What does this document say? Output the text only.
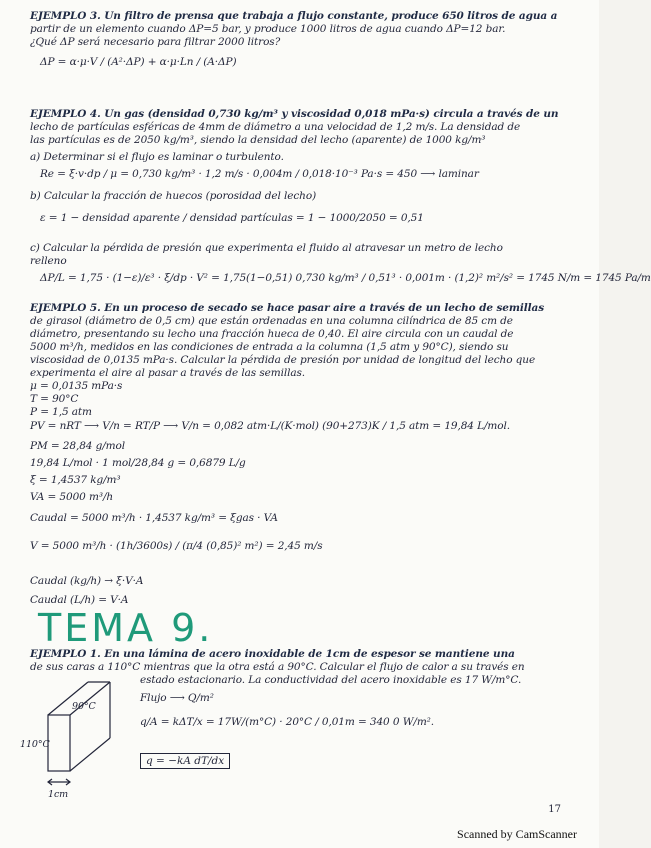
EJEMPLO 3. Un filtro de prensa que trabaja a flujo constante, produce 650 litros de agua a
partir de un elemento cuando ΔP=5 bar, y produce 1000 litros de agua cuando ΔP=12 bar.
¿Qué ΔP será necesario para filtrar 2000 litros?
ΔP = α·μ·V / (A²·ΔP) + α·μ·Ln / (A·ΔP)
EJEMPLO 4. Un gas (densidad 0,730 kg/m³ y viscosidad 0,018 mPa·s) circula a través de un
lecho de partículas esféricas de 4mm de diámetro a una velocidad de 1,2 m/s. La densidad de
las partículas es de 2050 kg/m³, siendo la densidad del lecho (aparente) de 1000 kg/m³
a) Determinar si el flujo es laminar o turbulento.
Re = ξ·v·dp / μ = 0,730 kg/m³ · 1,2 m/s · 0,004m / 0,018·10⁻³ Pa·s = 450 ⟶ laminar
b) Calcular la fracción de huecos (porosidad del lecho)
ε = 1 − densidad aparente / densidad partículas = 1 − 1000/2050 = 0,51
c) Calcular la pérdida de presión que experimenta el fluido al atravesar un metro de lecho
relleno
ΔP/L = 1,75 · (1−ε)/ε³ · ξ/dp · V² = 1,75(1−0,51) 0,730 kg/m³ / 0,51³ · 0,001m · (1,2)² m²/s² = 1745 N/m = 1745 Pa/m
EJEMPLO 5. En un proceso de secado se hace pasar aire a través de un lecho de semillas
de girasol (diámetro de 0,5 cm) que están ordenadas en una columna cilíndrica de 85 cm de
diámetro, presentando su lecho una fracción hueca de 0,40. El aire circula con un caudal de
5000 m³/h, medidos en las condiciones de entrada a la columna (1,5 atm y 90°C), siendo su
viscosidad de 0,0135 mPa·s. Calcular la pérdida de presión por unidad de longitud del lecho que
experimenta el aire al pasar a través de las semillas.
μ = 0,0135 mPa·s
T = 90°C
P = 1,5 atm
PV = nRT ⟶ V/n = RT/P ⟶ V/n = 0,082 atm·L/(K·mol) (90+273)K / 1,5 atm = 19,84 L/mol.
PM = 28,84 g/mol
19,84 L/mol · 1 mol/28,84 g = 0,6879 L/g
ξ = 1,4537 kg/m³
VA = 5000 m³/h
Caudal = 5000 m³/h · 1,4537 kg/m³ = ξgas · VA
V = 5000 m³/h · (1h/3600s) / (π/4 (0,85)² m²) = 2,45 m/s
Caudal (kg/h) → ξ·V·A
Caudal (L/h) = V·A
EJEMPLO 1. En una lámina de acero inoxidable de 1cm de espesor se mantiene una
de sus caras a 110°C mientras que la otra está a 90°C. Calcular el flujo de calor a su través en
estado estacionario. La conductividad del acero inoxidable es 17 W/m°C.
Flujo ⟶ Q/m²
q/A = kΔT/x = 17W/(m°C) · 20°C / 0,01m = 340 0 W/m².
TEMA 9.
110°C
90°C
1cm
q = −kA dT/dx
17
Scanned by CamScanner
